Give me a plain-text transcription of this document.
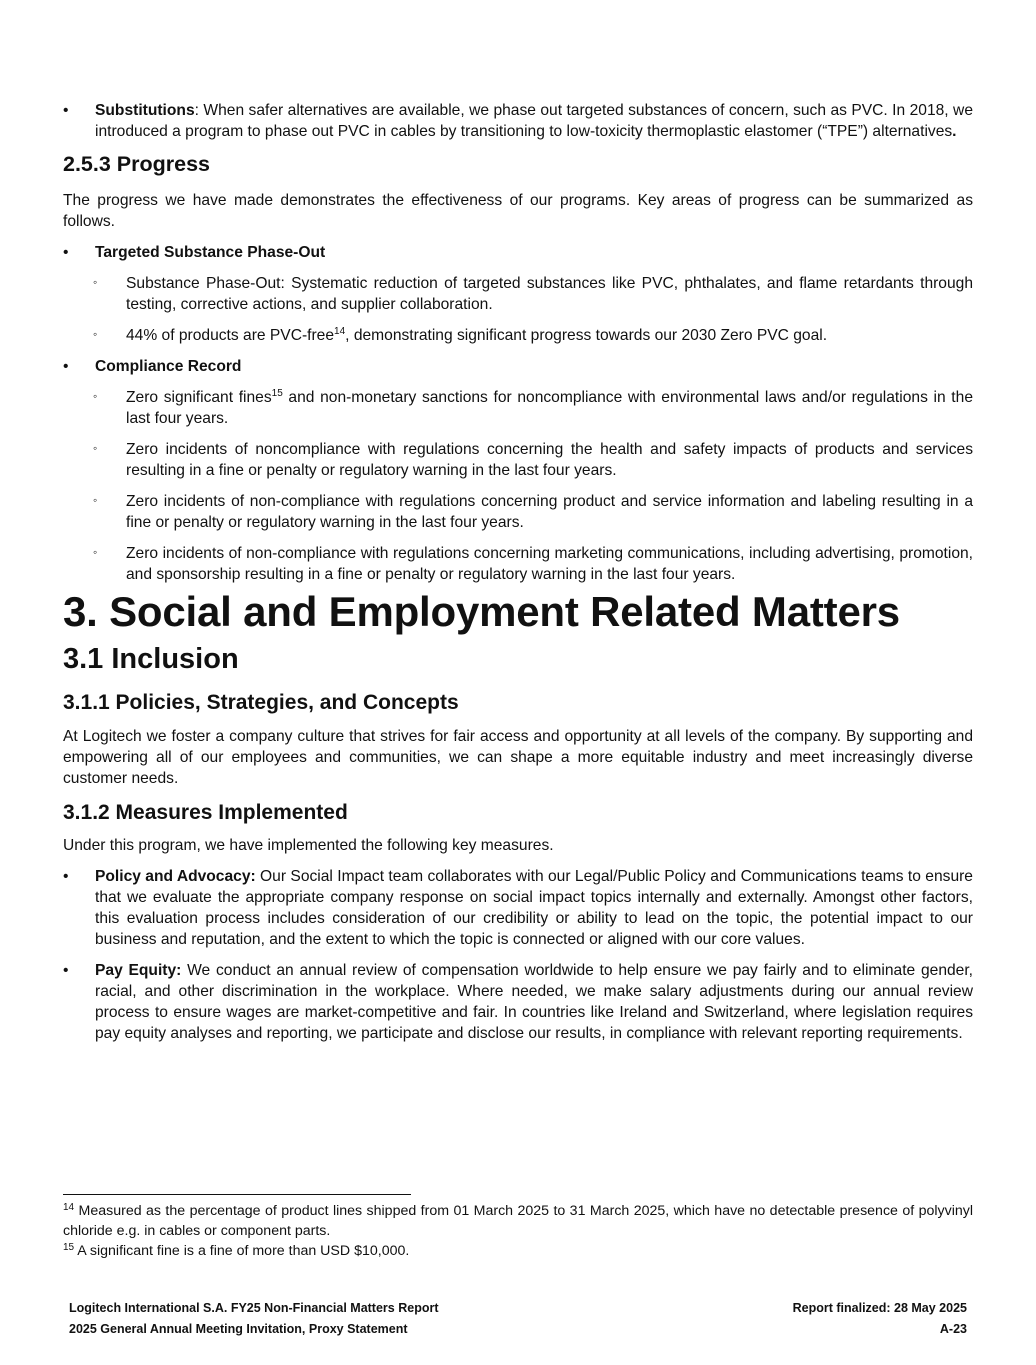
• Substitutions: When safer alternatives are available, we phase out targeted substances of concern, such as PVC. In 2018, we introduced a program to phase out PVC in cables by transitioning to low-toxicity thermoplastic elastomer (“TPE”) alternatives.
2.5.3 Progress

The progress we have made demonstrates the effectiveness of our programs. Key areas of progress can be summarized as follows.

• Targeted Substance Phase-Out
◦ Substance Phase-Out: Systematic reduction of targeted substances like PVC, phthalates, and flame retardants through testing, corrective actions, and supplier collaboration.
◦ 44% of products are PVC-free$^{14}$, demonstrating significant progress towards our 2030 Zero PVC goal.
• Compliance Record
◦ Zero significant fines$^{15}$ and non-monetary sanctions for noncompliance with environmental laws and/or regulations in the last four years.
◦ Zero incidents of noncompliance with regulations concerning the health and safety impacts of products and services resulting in a fine or penalty or regulatory warning in the last four years.
◦ Zero incidents of non-compliance with regulations concerning product and service information and labeling resulting in a fine or penalty or regulatory warning in the last four years.
◦ Zero incidents of non-compliance with regulations concerning marketing communications, including advertising, promotion, and sponsorship resulting in a fine or penalty or regulatory warning in the last four years.
3. Social and Employment Related Matters
3.1 Inclusion
3.1.1 Policies, Strategies, and Concepts

At Logitech we foster a company culture that strives for fair access and opportunity at all levels of the company. By supporting and empowering all of our employees and communities, we can shape a more equitable industry and meet increasingly diverse customer needs.

3.1.2 Measures Implemented

Under this program, we have implemented the following key measures.

• Policy and Advocacy: Our Social Impact team collaborates with our Legal/Public Policy and Communications teams to ensure that we evaluate the appropriate company response on social impact topics internally and externally. Amongst other factors, this evaluation process includes consideration of our credibility or ability to lead on the topic, the potential impact to our business and reputation, and the extent to which the topic is connected or aligned with our core values.
• Pay Equity: We conduct an annual review of compensation worldwide to help ensure we pay fairly and to eliminate gender, racial, and other discrimination in the workplace. Where needed, we make salary adjustments during our annual review process to ensure wages are market-competitive and fair. In countries like Ireland and Switzerland, where legislation requires pay equity analyses and reporting, we participate and disclose our results, in compliance with relevant reporting requirements.

$^{14}$ Measured as the percentage of product lines shipped from 01 March 2025 to 31 March 2025, which have no detectable presence of polyvinyl chloride e.g. in cables or component parts.

$^{15}$ A significant fine is a fine of more than USD $10,000.

Logitech International S.A. FY25 Non-Financial Matters Report	Report finalized: 28 May 2025
2025 General Annual Meeting Invitation, Proxy Statement	A-23
